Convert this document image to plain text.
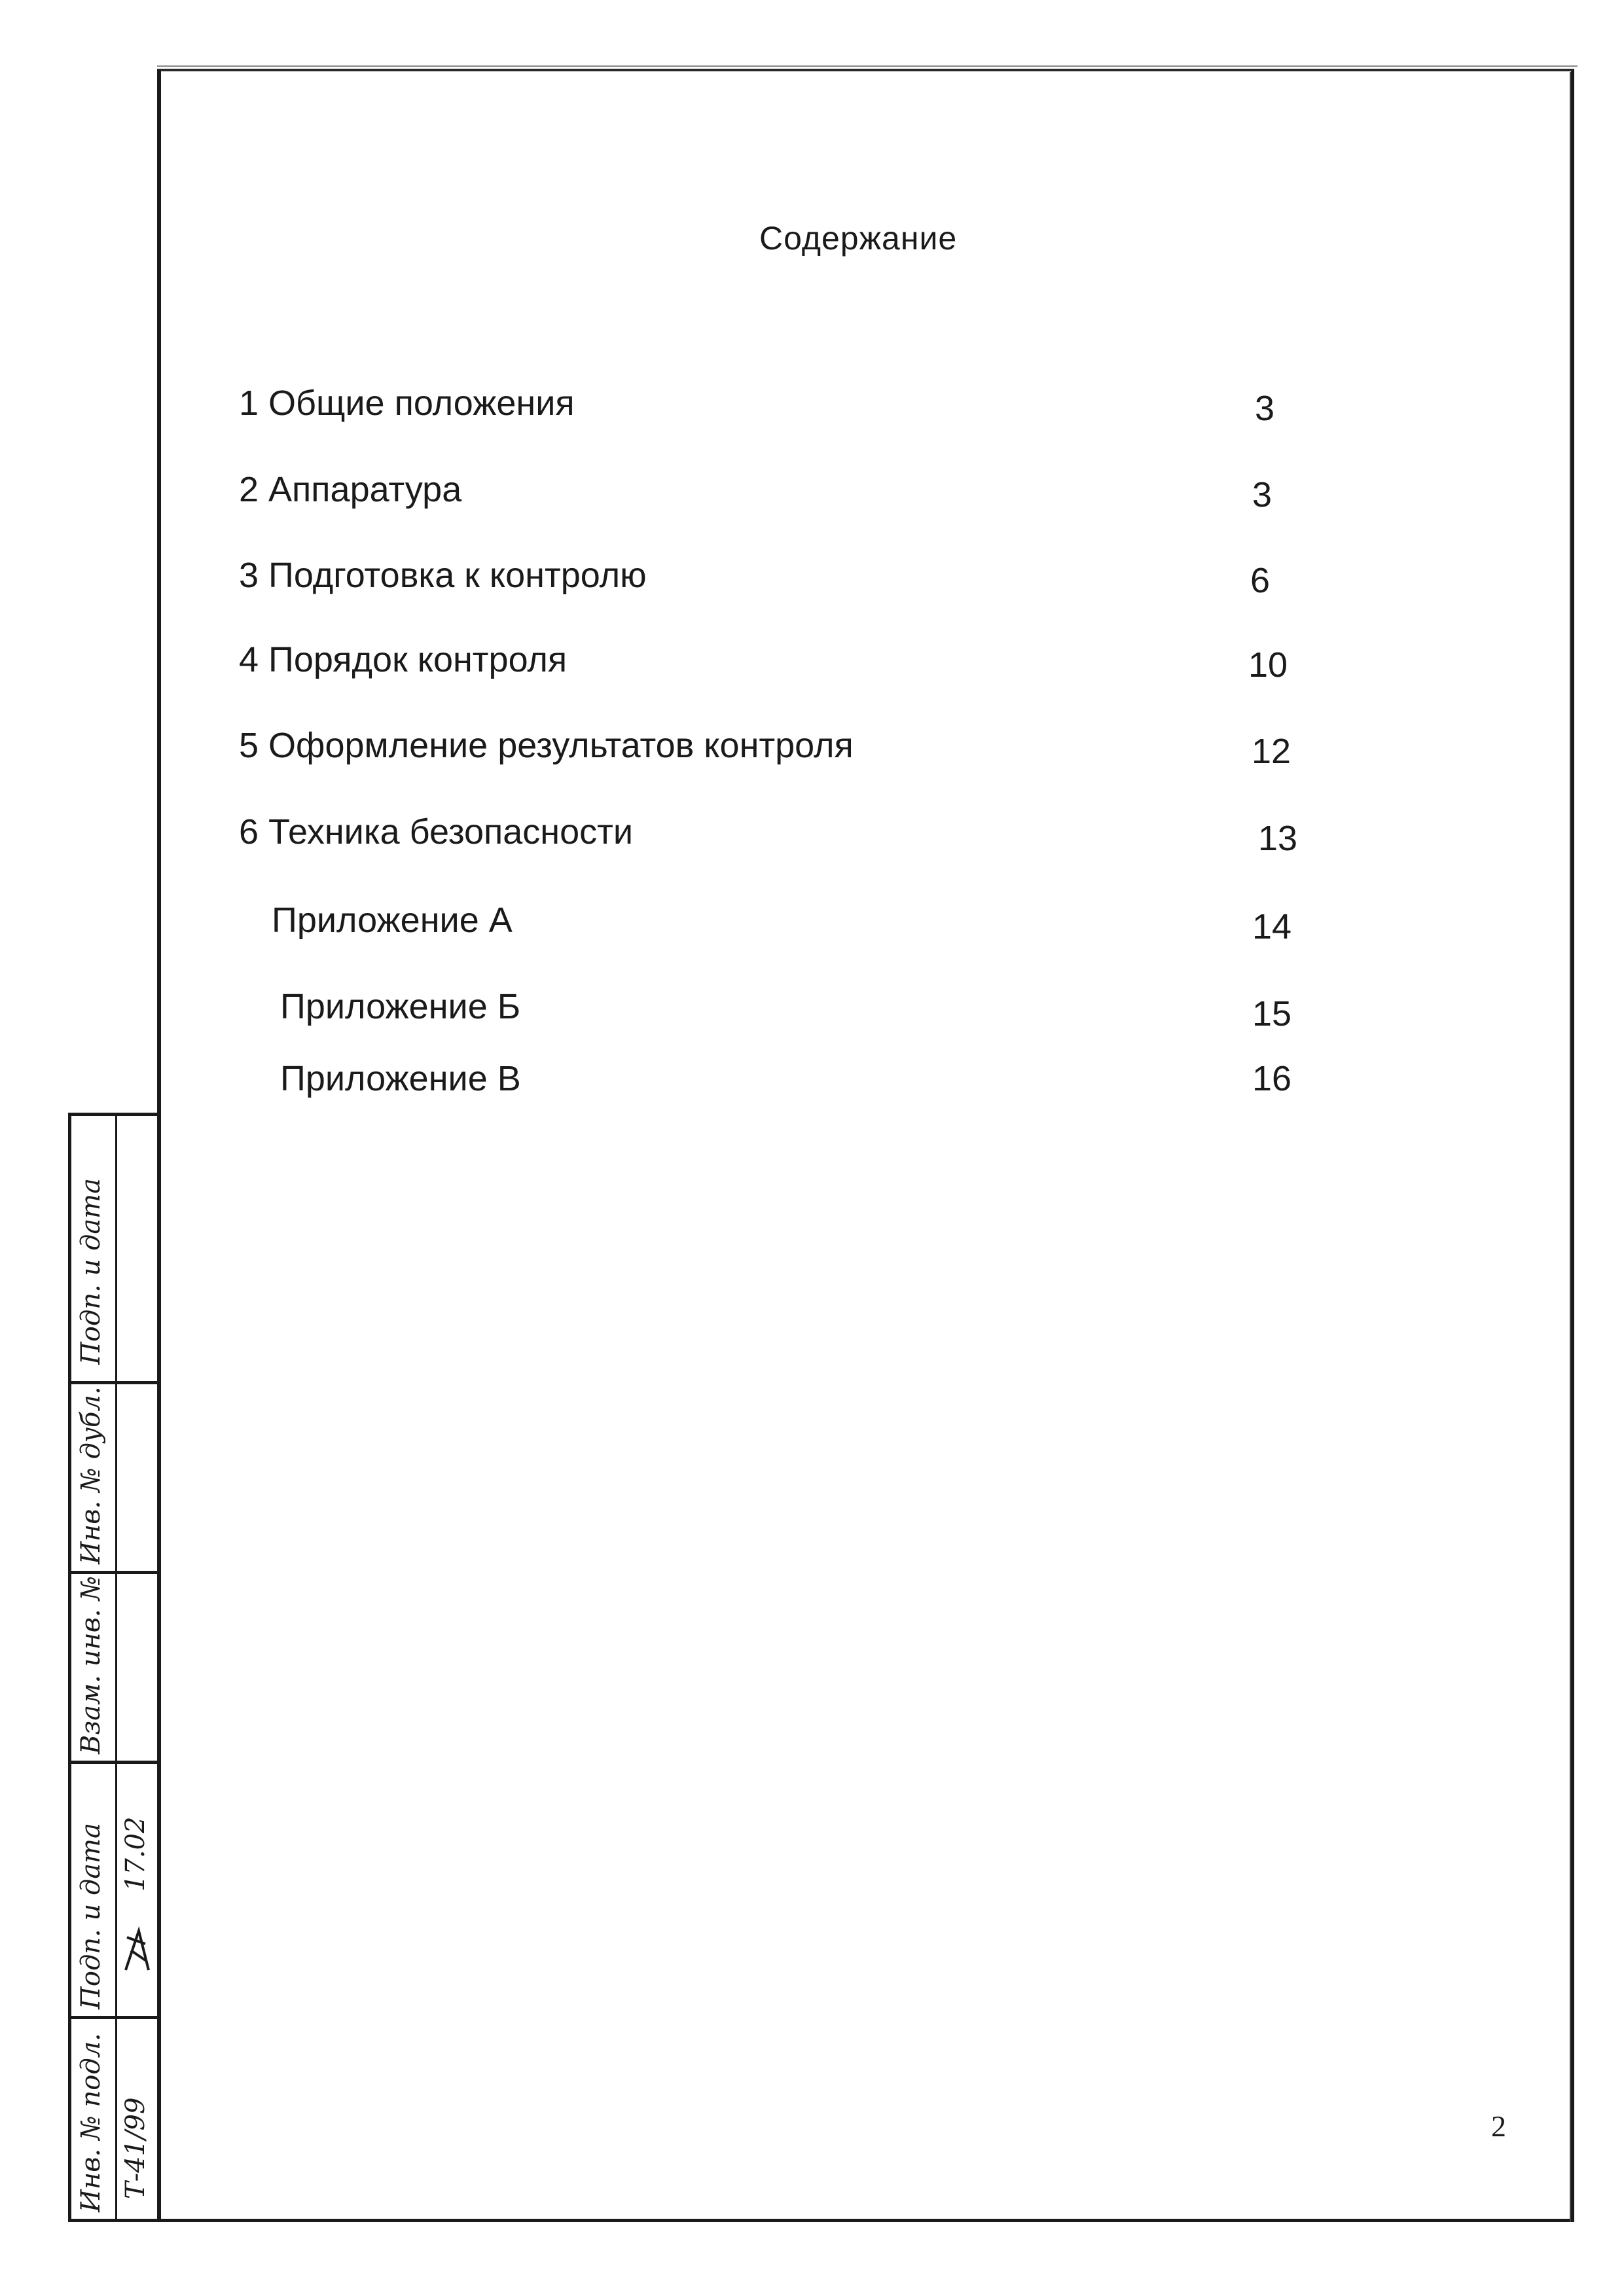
Содержание
1 Общие положения	3
2 Аппаратура	3
3 Подготовка к контролю	6
4 Порядок контроля	10
5 Оформление результатов контроля	12
6 Техника безопасности	13
Приложение А	14
Приложение Б	15
Приложение В	16
2
Подп. и дата
Инв. № дубл.
Взам. инв. №
Подп. и дата
Инв. № подл.
17.02
Т-41/99
